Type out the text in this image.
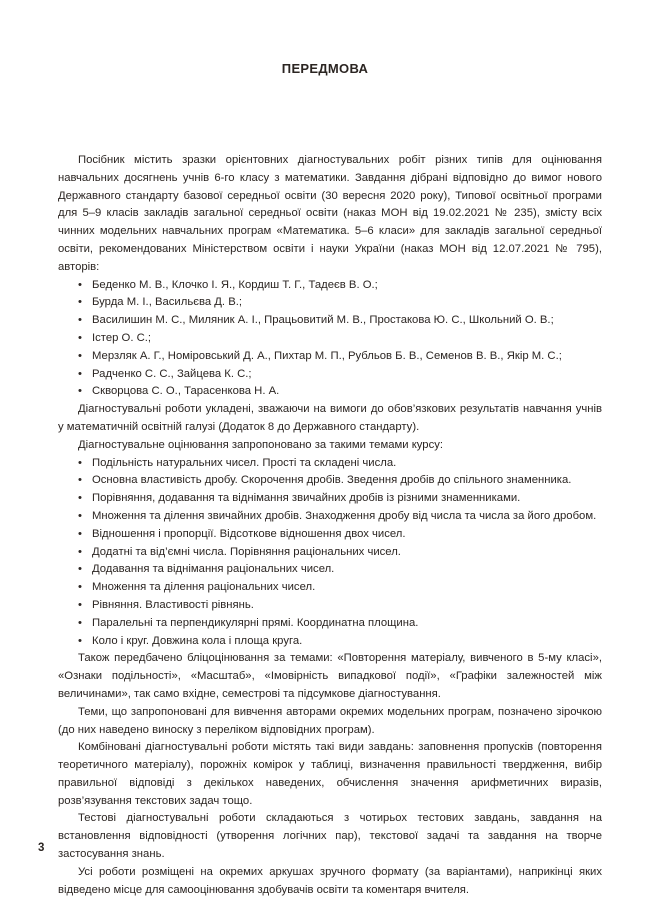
ПЕРЕДМОВА

Посібник містить зразки орієнтовних діагностувальних робіт різних типів для оцінювання навчальних досягнень учнів 6-го класу з математики. Завдання дібрані відповідно до вимог нового Державного стандарту базової середньої освіти (30 вересня 2020 року), Типової освітньої програми для 5–9 класів закладів загальної середньої освіти (наказ МОН від 19.02.2021 № 235), змісту всіх чинних модельних навчальних програм «Математика. 5–6 класи» для закладів загальної середньої освіти, рекомендованих Міністерством освіти і науки України (наказ МОН від 12.07.2021 № 795), авторів:

• Беденко М. В., Клочко І. Я., Кордиш Т. Г., Тадеєв В. О.;
• Бурда М. І., Васильєва Д. В.;
• Василишин М. С., Миляник А. І., Працьовитий М. В., Простакова Ю. С., Школьний О. В.;
• Істер О. С.;
• Мерзляк А. Г., Номіровський Д. А., Пихтар М. П., Рубльов Б. В., Семенов В. В., Якір М. С.;
• Радченко С. С., Зайцева К. С.;
• Скворцова С. О., Тарасенкова Н. А.

Діагностувальні роботи укладені, зважаючи на вимоги до обов’язкових результатів навчання учнів у математичній освітній галузі (Додаток 8 до Державного стандарту).

Діагностувальне оцінювання запропоновано за такими темами курсу:

• Подільність натуральних чисел. Прості та складені числа.
• Основна властивість дробу. Скорочення дробів. Зведення дробів до спільного знаменника.
• Порівняння, додавання та віднімання звичайних дробів із різними знаменниками.
• Множення та ділення звичайних дробів. Знаходження дробу від числа та числа за його дробом.
• Відношення і пропорції. Відсоткове відношення двох чисел.
• Додатні та від’ємні числа. Порівняння раціональних чисел.
• Додавання та віднімання раціональних чисел.
• Множення та ділення раціональних чисел.
• Рівняння. Властивості рівнянь.
• Паралельні та перпендикулярні прямі. Координатна площина.
• Коло і круг. Довжина кола і площа круга.

Також передбачено бліцоцінювання за темами: «Повторення матеріалу, вивченого в 5-му класі», «Ознаки подільності», «Масштаб», «Імовірність випадкової події», «Графіки залежностей між величинами», так само вхідне, семестрові та підсумкове діагностування.

Теми, що запропоновані для вивчення авторами окремих модельних програм, позначено зірочкою (до них наведено виноску з переліком відповідних програм).

Комбіновані діагностувальні роботи містять такі види завдань: заповнення пропусків (повторення теоретичного матеріалу), порожніх комірок у таблиці, визначення правильності твердження, вибір правильної відповіді з декількох наведених, обчислення значення арифметичних виразів, розв’язування текстових задач тощо.

Тестові діагностувальні роботи складаються з чотирьох тестових завдань, завдання на встановлення відповідності (утворення логічних пар), текстової задачі та завдання на творче застосування знань.

Усі роботи розміщені на окремих аркушах зручного формату (за варіантами), наприкінці яких відведено місце для самооцінювання здобувачів освіти та коментаря вчителя.

3
